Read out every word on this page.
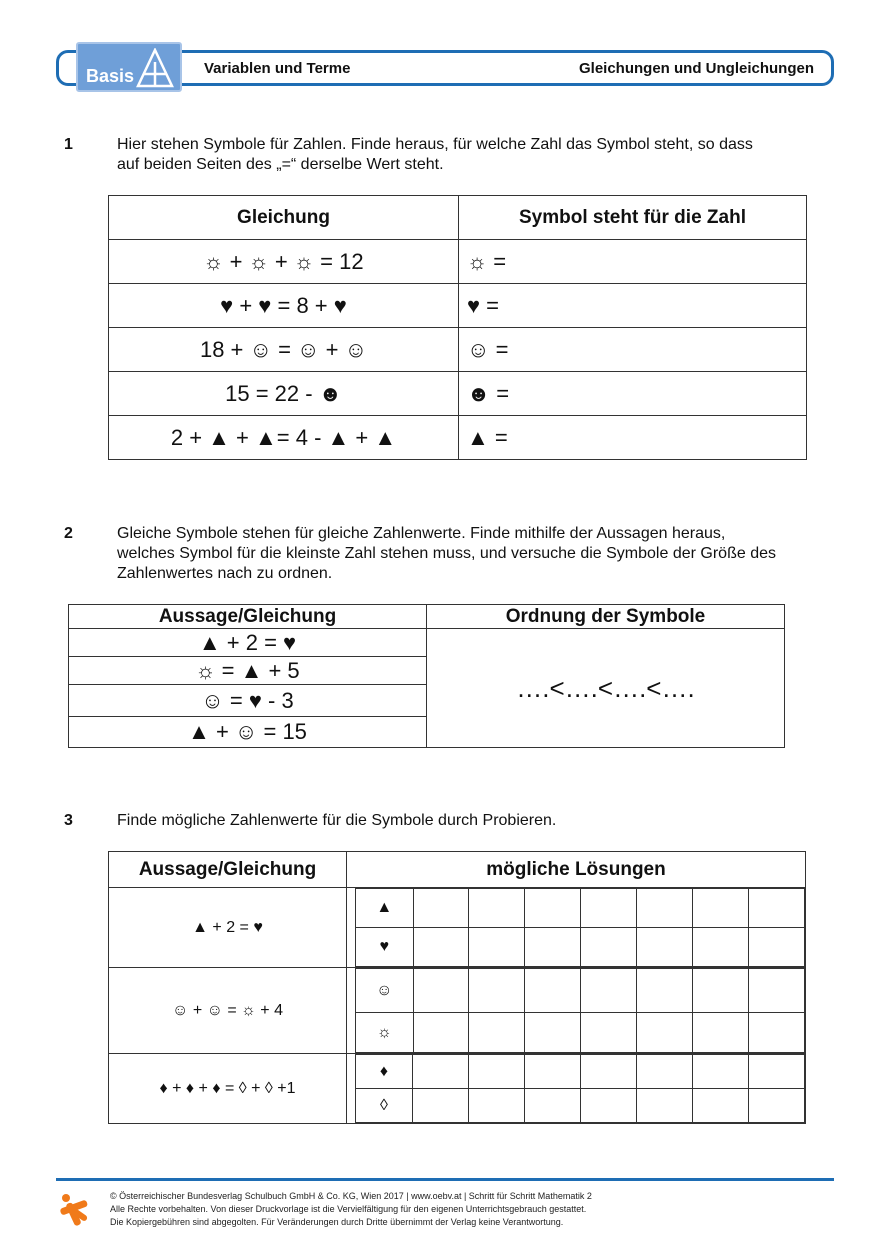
Basis	Variablen und Terme	Gleichungen und Ungleichungen
1	Hier stehen Symbole für Zahlen. Finde heraus, für welche Zahl das Symbol steht, so dass
auf beiden Seiten des „=“ derselbe Wert steht.
Gleichung	Symbol steht für die Zahl
☼ + ☼ + ☼ = 12	☼ =
♥ + ♥ = 8 + ♥	♥ =
18 + ☺ = ☺ + ☺	☺ =
15 = 22 - ☻	☻ =
2 + ▲ + ▲= 4 - ▲ + ▲	▲ =
2	Gleiche Symbole stehen für gleiche Zahlenwerte. Finde mithilfe der Aussagen heraus,
welches Symbol für die kleinste Zahl stehen muss, und versuche die Symbole der Größe des
Zahlenwertes nach zu ordnen.
Aussage/Gleichung	Ordnung der Symbole
▲ + 2 = ♥	….<….<….<….
☼ = ▲ + 5	
☺ = ♥ - 3	
▲ + ☺ = 15	
3	Finde mögliche Zahlenwerte für die Symbole durch Probieren.
Aussage/Gleichung	mögliche Lösungen
▲ + 2 = ♥	
▲							
♥							

☺ + ☺ = ☼ + 4	
☺							
☼							

♦ + ♦ + ♦ = ◊ + ◊ +1	
♦							
◊							
© Österreichischer Bundesverlag Schulbuch GmbH & Co. KG, Wien 2017 | www.oebv.at | Schritt für Schritt Mathematik 2
Alle Rechte vorbehalten. Von dieser Druckvorlage ist die Vervielfältigung für den eigenen Unterrichtsgebrauch gestattet.
Die Kopiergebühren sind abgegolten. Für Veränderungen durch Dritte übernimmt der Verlag keine Verantwortung.
